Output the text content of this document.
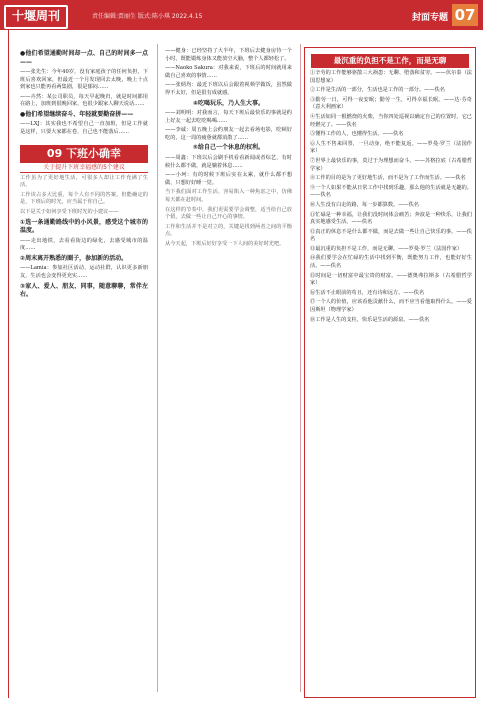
十堰周刊	责任编辑:贾丽生 版式:陈小琪 2022.4.15	封面专题 07

●他们希望通勤时间却一点、自己的时间多一点——

——张先生：今年40岁，没有家庭孩子的任何负担，下班后喜欢回家，但最近一个月发现回去太晚，晚上十点到家也只能再看两集剧，很是郁闷……

——卉然：某公司职员，每天早起晚归，就是时间都用在路上，加班到很晚回家，也很少跟家人聊天说话……

●他们希望继续奋斗、年轻就要勤奋拼——

——LXJ：其实我也不希望自己一直加班，但是工作就是这样，只要大家都在卷，自己也不能落后……

09 下班小确幸
关于提升下班幸福感的5个建议

工作虽为了更好地生活，可很多人却让工作充满了生活。

工作该占多大比重，每个人有不同的答案。但能确定的是，下班后的时光，应当属于你自己。

以下是关于如何享受下班时光的小建议——

①选一条通勤路线中的小风景，感受这个城市的温度。

——走出地铁，去看看街边的绿化，去感受城市的温度……

②周末离开熟悉的圈子，参加新的活动。

——Lamia：参加社区活动、运动社群，认识更多新朋友，生活也会变得更充实……

③家人、爱人、朋友、同事，随意聊聊，常伴左右。

——健身：已经坚持了大半年，下班后去健身房待一个小时，既能锻炼身体又能放空大脑，整个人都轻松了。

——Naoko Sakura：对我来说，下班后的时间就用来做自己喜欢的事情……

——张炳均：最近下班以后会跟着视频学做饭，虽然做得不太好，但是很有成就感。

④吃喝玩乐，乃人生大事。

——刘明明：对我而言，每天下班后最快乐的事就是约上好友一起去吃吃喝喝……

——李诚：周五晚上会约朋友一起去看场电影，吃顿好吃的，这一周的疲惫就都消散了……

⑤给自己一个休息的权利。

——周鑫：下班以后会刷手机看看新闻或者综艺，有时候什么都不做，就是躺着休息……

——小珂：有的时候下班后实在太累，就什么都不想做，只想好好睡一觉。

当下我们面对工作生活，容易陷入一种焦虑之中，仿佛每天都在赶时间。

在这样的节奏中，我们更需要学会调整，适当给自己放个假，去做一些让自己开心的事情。

工作和生活并不是对立的，关键是找到两者之间的平衡点。

从今天起，下班后好好享受一下人间的美好时光吧。

最沉重的负担不是工作，而是无聊

①辛劳的工作能够驱散三大祸患：无聊、堕落和贫穷。——伏尔泰（法国思想家）

②工作是生活的一部分，生活也是工作的一部分。——佚名

③勤劳一日，可得一夜安眠；勤劳一生，可得幸福长眠。——达·芬奇（意大利画家）

④生活如同一根燃烧的火柴，当你四处巡视以确定自己的位置时，它已经燃完了。——佚名

⑤懂得工作的人，也懂得生活。——佚名

⑥人生不售来回票，一旦动身，绝不能复返。——罗曼·罗兰（法国作家）

⑦世界上最快乐的事，莫过于为理想而奋斗。——苏格拉底（古希腊哲学家）

⑧工作的目的是为了更好地生活，而不是为了工作而生活。——佚名

⑨一个人如果不能从日常工作中找到乐趣，那么他的生活就是无趣的。——佚名

⑩人生没有白走的路，每一步都算数。——佚名

⑪忙碌是一种幸福，让我们没时间体会痛苦；奔波是一种快乐，让我们真实地感受生活。——佚名

⑫真正的休息不是什么都不做，而是去做一些让自己快乐的事。——佚名

⑬最沉重的负担不是工作，而是无聊。——罗曼·罗兰（法国作家）

⑭我们要学会在忙碌的生活中找到平衡，既能努力工作，也能好好生活。——佚名

⑮时间是一切财富中最宝贵的财富。——德奥弗拉斯多（古希腊哲学家）

⑯生活不止眼前的苟且，还有诗和远方。——佚名

⑰一个人的价值，应该看他贡献什么，而不应当看他取得什么。——爱因斯坦（物理学家）

⑱工作是人生的支柱，快乐是生活的源泉。——佚名
